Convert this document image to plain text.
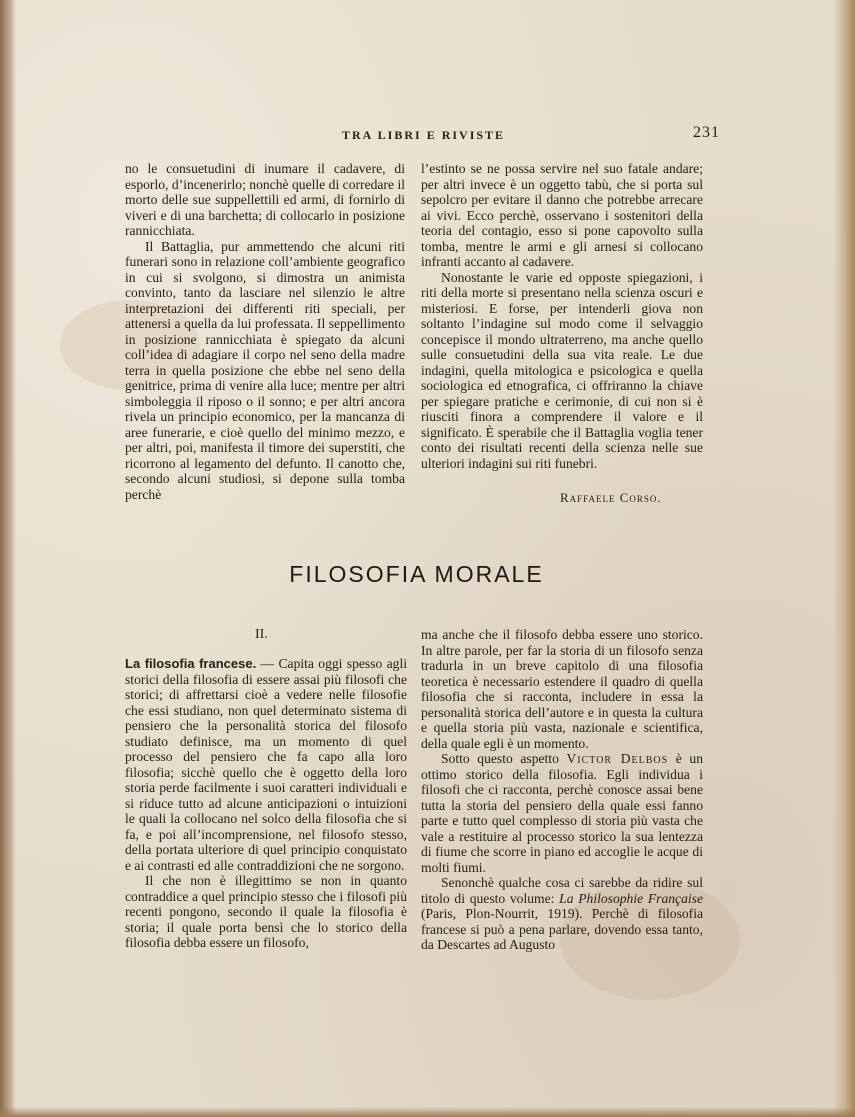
TRA LIBRI E RIVISTE	231

no le consuetudini di inumare il cadavere, di esporlo, d’incenerirlo; nonchè quelle di corredare il morto delle sue suppellettili ed armi, di fornirlo di viveri e di una barchetta; di collocarlo in posizione rannicchiata.

Il Battaglia, pur ammettendo che alcuni riti funerari sono in relazione coll’ambiente geografico in cui si svolgono, si dimostra un animista convinto, tanto da lasciare nel silenzio le altre interpretazioni dei differenti riti speciali, per attenersi a quella da lui professata. Il seppellimento in posizione rannicchiata è spiegato da alcuni coll’idea di adagiare il corpo nel seno della madre terra in quella posizione che ebbe nel seno della genitrice, prima di venire alla luce; mentre per altri simboleggia il riposo o il sonno; e per altri ancora rivela un principio economico, per la mancanza di aree funerarie, e cioè quello del minimo mezzo, e per altri, poi, manifesta il timore dei superstiti, che ricorrono al legamento del defunto. Il canotto che, secondo alcuni studiosi, si depone sulla tomba perchè

l’estinto se ne possa servire nel suo fatale andare; per altri invece è un oggetto tabù, che si porta sul sepolcro per evitare il danno che potrebbe arrecare ai vivi. Ecco perchè, osservano i sostenitori della teoria del contagio, esso si pone capovolto sulla tomba, mentre le armi e gli arnesi si collocano infranti accanto al cadavere.

Nonostante le varie ed opposte spiegazioni, i riti della morte si presentano nella scienza oscuri e misteriosi. E forse, per intenderli giova non soltanto l’indagine sul modo come il selvaggio concepisce il mondo ultraterreno, ma anche quello sulle consuetudini della sua vita reale. Le due indagini, quella mitologica e psicologica e quella sociologica ed etnografica, ci offriranno la chiave per spiegare pratiche e cerimonie, di cui non si è riusciti finora a comprendere il valore e il significato. È sperabile che il Battaglia voglia tener conto dei risultati recenti della scienza nelle sue ulteriori indagini sui riti funebri.

Raffaele Corso.
FILOSOFIA MORALE
II.

La filosofia francese. — Capita oggi spesso agli storici della filosofia di essere assai più filosofi che storici; di affrettarsi cioè a vedere nelle filosofie che essi studiano, non quel determinato sistema di pensiero che la personalità storica del filosofo studiato definisce, ma un momento di quel processo del pensiero che fa capo alla loro filosofia; sicchè quello che è oggetto della loro storia perde facilmente i suoi caratteri individuali e si riduce tutto ad alcune anticipazioni o intuizioni le quali la collocano nel solco della filosofia che si fa, e poi all’incomprensione, nel filosofo stesso, della portata ulteriore di quel principio conquistato e ai contrasti ed alle contraddizioni che ne sorgono.

Il che non è illegittimo se non in quanto contraddice a quel principio stesso che i filosofi più recenti pongono, secondo il quale la filosofia è storia; il quale porta bensì che lo storico della filosofia debba essere un filosofo,

ma anche che il filosofo debba essere uno storico. In altre parole, per far la storia di un filosofo senza tradurla in un breve capitolo di una filosofia teoretica è necessario estendere il quadro di quella filosofia che si racconta, includere in essa la personalità storica dell’autore e in questa la cultura e quella storia più vasta, nazionale e scientifica, della quale egli è un momento.

Sotto questo aspetto Victor Delbos è un ottimo storico della filosofia. Egli individua i filosofi che ci racconta, perchè conosce assai bene tutta la storia del pensiero della quale essi fanno parte e tutto quel complesso di storia più vasta che vale a restituire al processo storico la sua lentezza di fiume che scorre in piano ed accoglie le acque di molti fiumi.

Senonchè qualche cosa ci sarebbe da ridire sul titolo di questo volume: La Philosophie Française (Paris, Plon-Nourrit, 1919). Perchè di filosofia francese si può a pena parlare, dovendo essa tanto, da Descartes ad Augusto
